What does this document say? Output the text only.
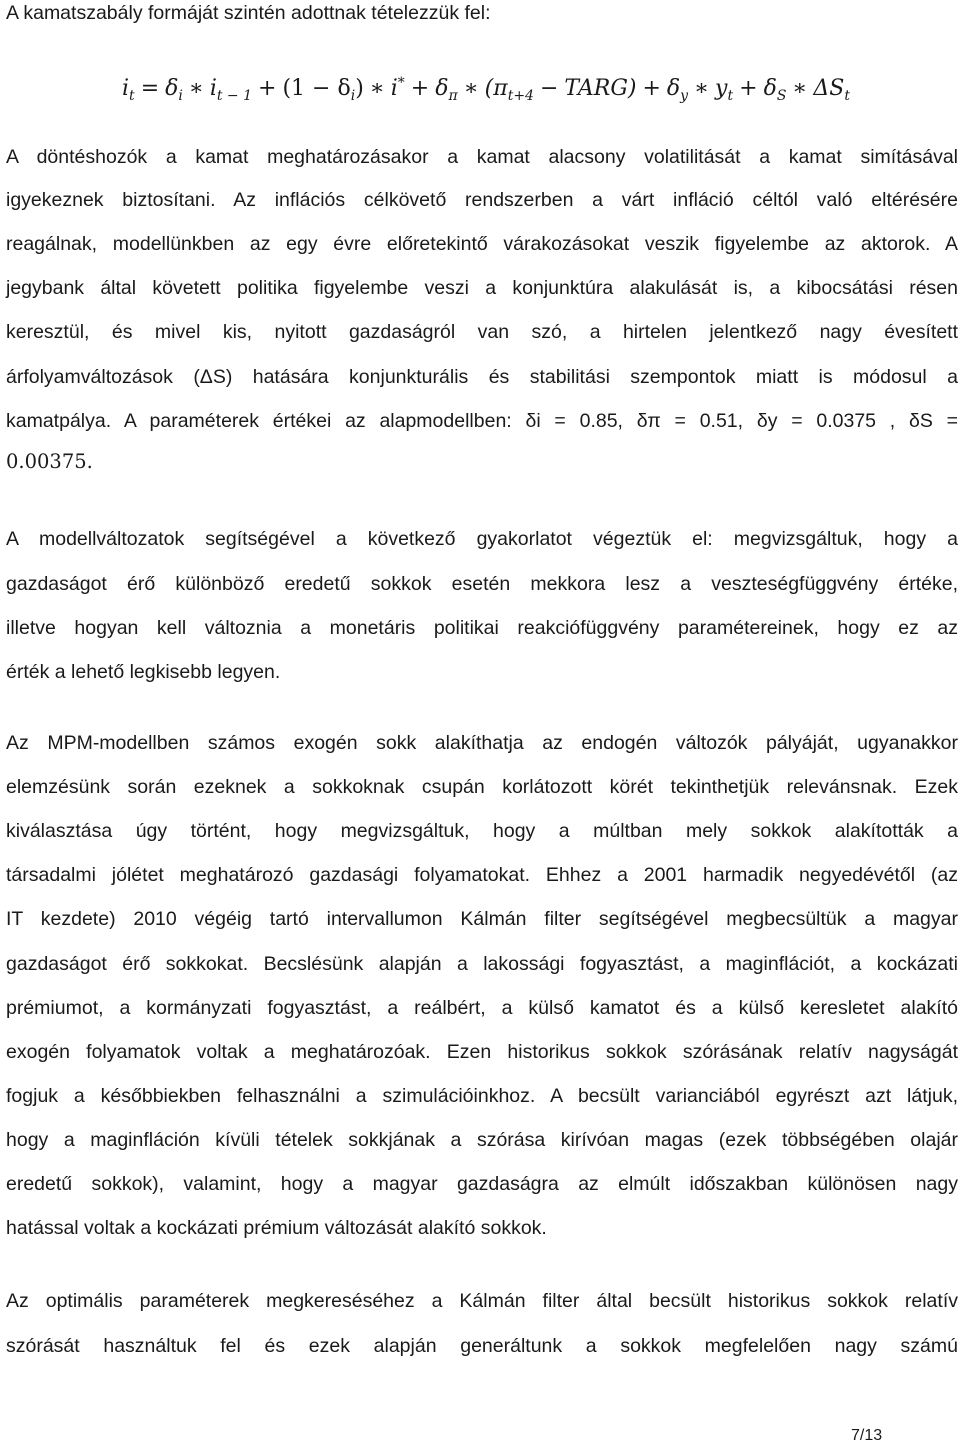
A kamatszabály formáját szintén adottnak tételezzük fel:
$i_t = \delta_i$ ∗ $i_{t - 1} + (1 - \delta_i)$ ∗ $i^* + \delta_\pi$ ∗ ($\pi_{t+4}$ − TARG) + $\delta_y$ ∗ $y_t + \delta_S$ ∗ $\Delta S_t$
A döntéshozók a kamat meghatározásakor a kamat alacsony volatilitását a kamat simításával
igyekeznek biztosítani. Az inflációs célkövető rendszerben a várt infláció céltól való eltérésére
reagálnak, modellünkben az egy évre előretekintő várakozásokat veszik figyelembe az aktorok. A
jegybank által követett politika figyelembe veszi a konjunktúra alakulását is, a kibocsátási résen
keresztül, és mivel kis, nyitott gazdaságról van szó, a hirtelen jelentkező nagy évesített
árfolyamváltozások (ΔS) hatására konjunkturális és stabilitási szempontok miatt is módosul a
kamatpálya. A paraméterek értékei az alapmodellben: δi = 0.85, δπ = 0.51, δy = 0.0375 , δS =
0.00375.
A modellváltozatok segítségével a következő gyakorlatot végeztük el: megvizsgáltuk, hogy a
gazdaságot érő különböző eredetű sokkok esetén mekkora lesz a veszteségfüggvény értéke,
illetve hogyan kell változnia a monetáris politikai reakciófüggvény paramétereinek, hogy ez az
érték a lehető legkisebb legyen.
Az MPM-modellben számos exogén sokk alakíthatja az endogén változók pályáját, ugyanakkor
elemzésünk során ezeknek a sokkoknak csupán korlátozott körét tekinthetjük relevánsnak. Ezek
kiválasztása úgy történt, hogy megvizsgáltuk, hogy a múltban mely sokkok alakították a
társadalmi jólétet meghatározó gazdasági folyamatokat. Ehhez a 2001 harmadik negyedévétől (az
IT kezdete) 2010 végéig tartó intervallumon Kálmán filter segítségével megbecsültük a magyar
gazdaságot érő sokkokat. Becslésünk alapján a lakossági fogyasztást, a maginflációt, a kockázati
prémiumot, a kormányzati fogyasztást, a reálbért, a külső kamatot és a külső keresletet alakító
exogén folyamatok voltak a meghatározóak. Ezen historikus sokkok szórásának relatív nagyságát
fogjuk a későbbiekben felhasználni a szimulációinkhoz. A becsült varianciából egyrészt azt látjuk,
hogy a maginfláción kívüli tételek sokkjának a szórása kirívóan magas (ezek többségében olajár
eredetű sokkok), valamint, hogy a magyar gazdaságra az elmúlt időszakban különösen nagy
hatással voltak a kockázati prémium változását alakító sokkok.
Az optimális paraméterek megkereséséhez a Kálmán filter által becsült historikus sokkok relatív
szórását használtuk fel és ezek alapján generáltunk a sokkok megfelelően nagy számú
7/13
